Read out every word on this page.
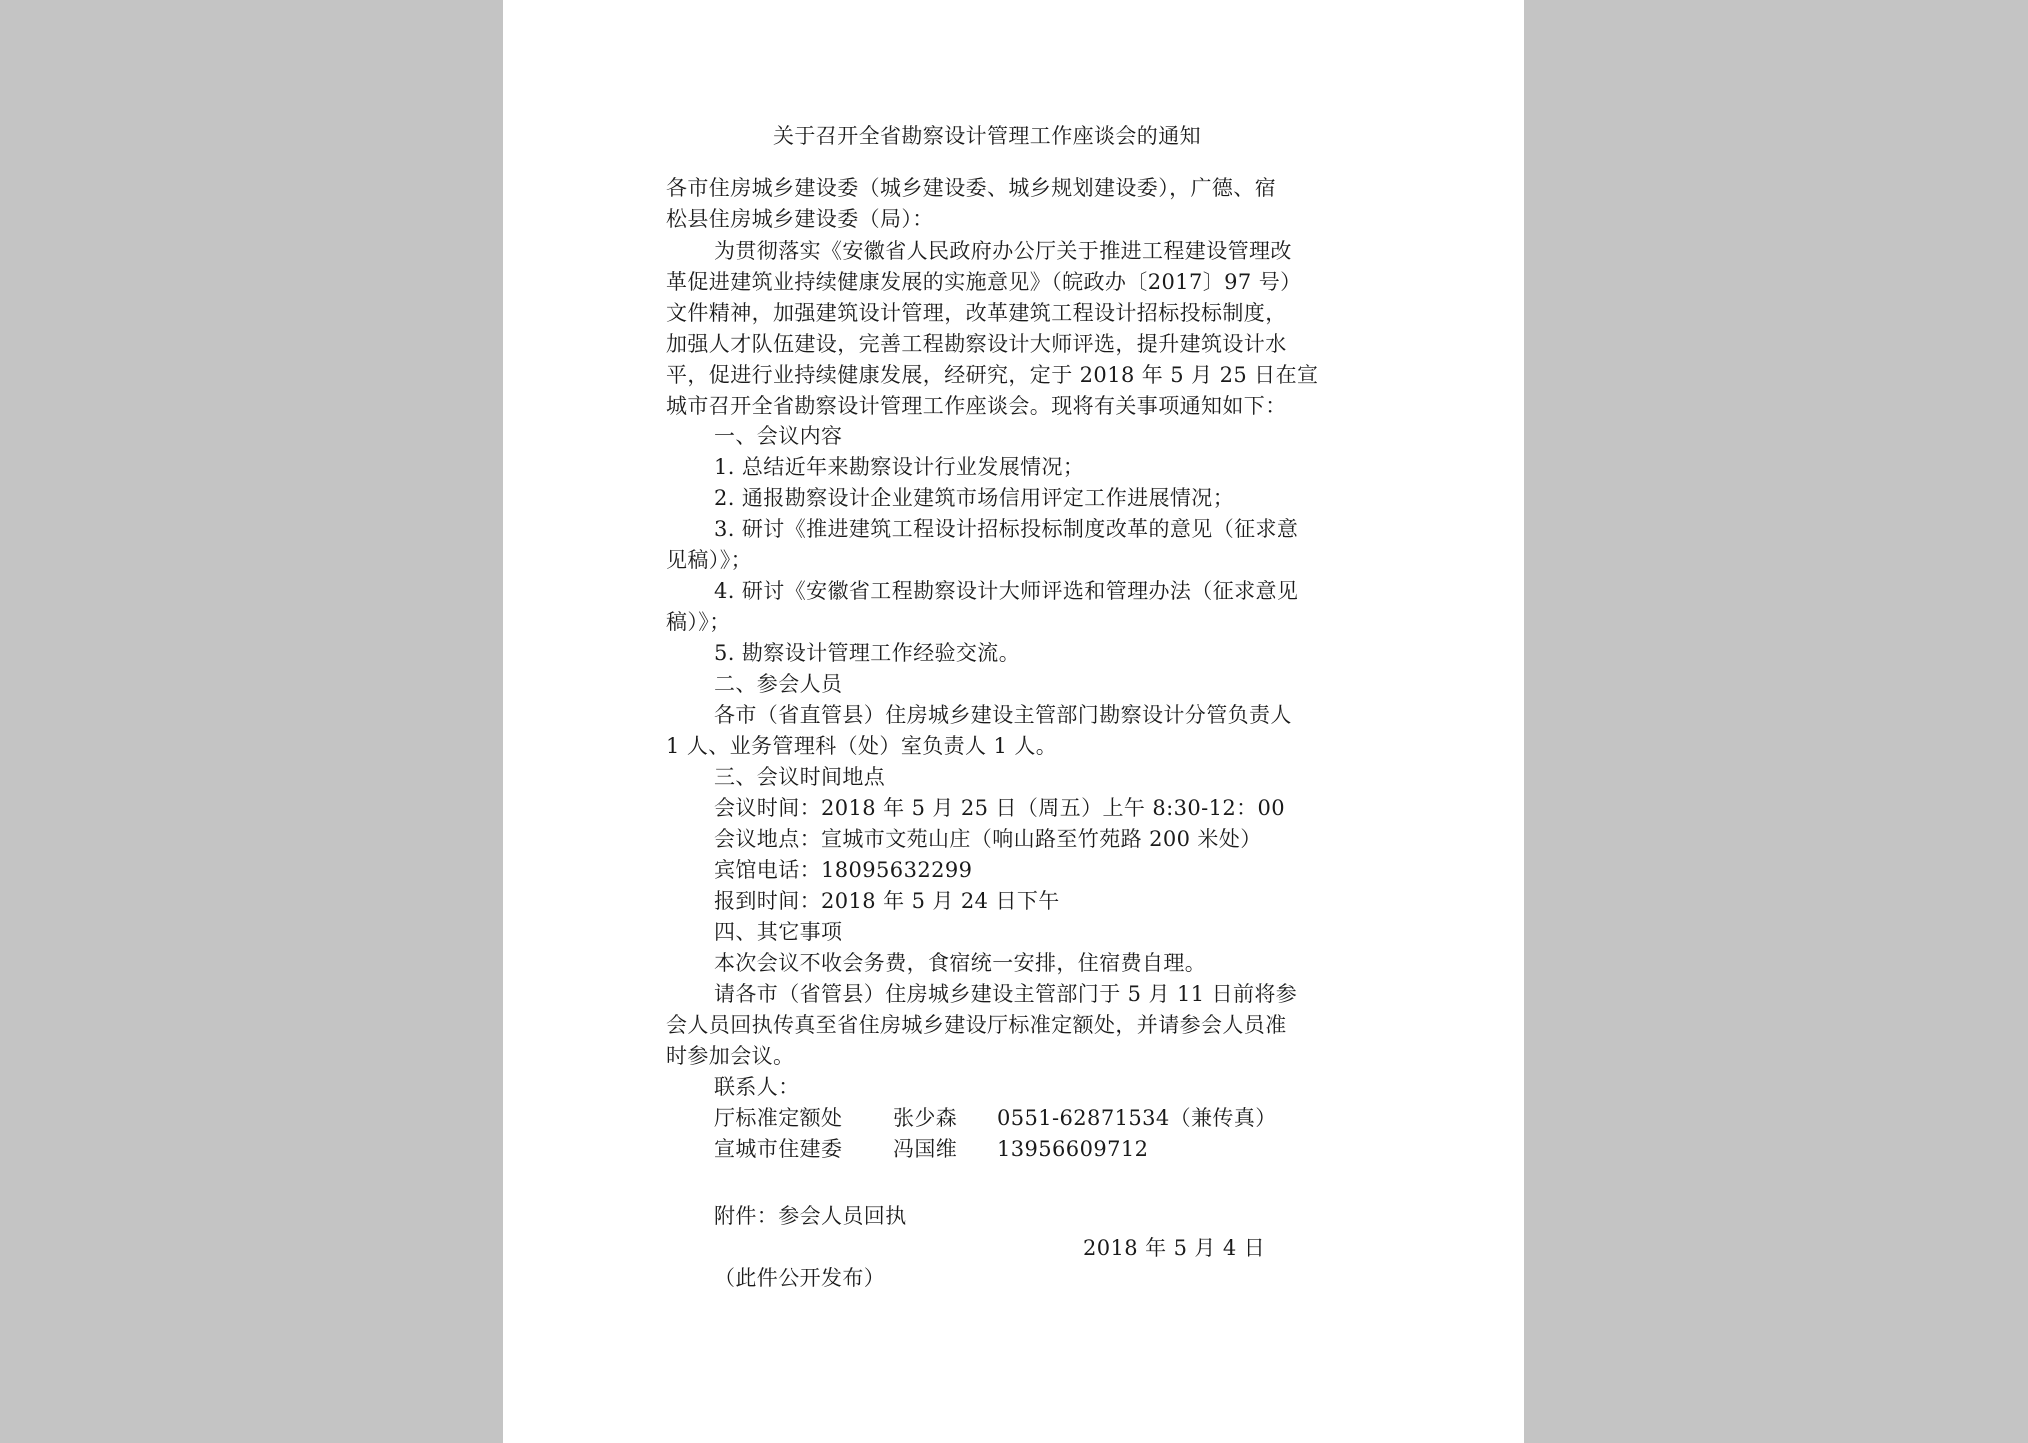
关于召开全省勘察设计管理工作座谈会的通知
各市住房城乡建设委（城乡建设委、城乡规划建设委），广德、宿
松县住房城乡建设委（局）：
为贯彻落实《安徽省人民政府办公厅关于推进工程建设管理改
革促进建筑业持续健康发展的实施意见》（皖政办〔2017〕97 号）
文件精神，加强建筑设计管理，改革建筑工程设计招标投标制度，
加强人才队伍建设，完善工程勘察设计大师评选，提升建筑设计水
平，促进行业持续健康发展，经研究，定于 2018 年 5 月 25 日在宣
城市召开全省勘察设计管理工作座谈会。现将有关事项通知如下：
一、会议内容
1. 总结近年来勘察设计行业发展情况；
2. 通报勘察设计企业建筑市场信用评定工作进展情况；
3. 研讨《推进建筑工程设计招标投标制度改革的意见（征求意
见稿）》；
4. 研讨《安徽省工程勘察设计大师评选和管理办法（征求意见
稿）》；
5. 勘察设计管理工作经验交流。
二、参会人员
各市（省直管县）住房城乡建设主管部门勘察设计分管负责人
1 人、业务管理科（处）室负责人 1 人。
三、会议时间地点
会议时间：2018 年 5 月 25 日（周五）上午 8:30-12：00
会议地点：宣城市文苑山庄（响山路至竹苑路 200 米处）
宾馆电话：18095632299
报到时间：2018 年 5 月 24 日下午
四、其它事项
本次会议不收会务费，食宿统一安排，住宿费自理。
请各市（省管县）住房城乡建设主管部门于 5 月 11 日前将参
会人员回执传真至省住房城乡建设厅标准定额处，并请参会人员准
时参加会议。
联系人：
厅标准定额处 张少森 0551-62871534（兼传真）
宣城市住建委 冯国维 13956609712
附件：参会人员回执
2018 年 5 月 4 日
（此件公开发布）
